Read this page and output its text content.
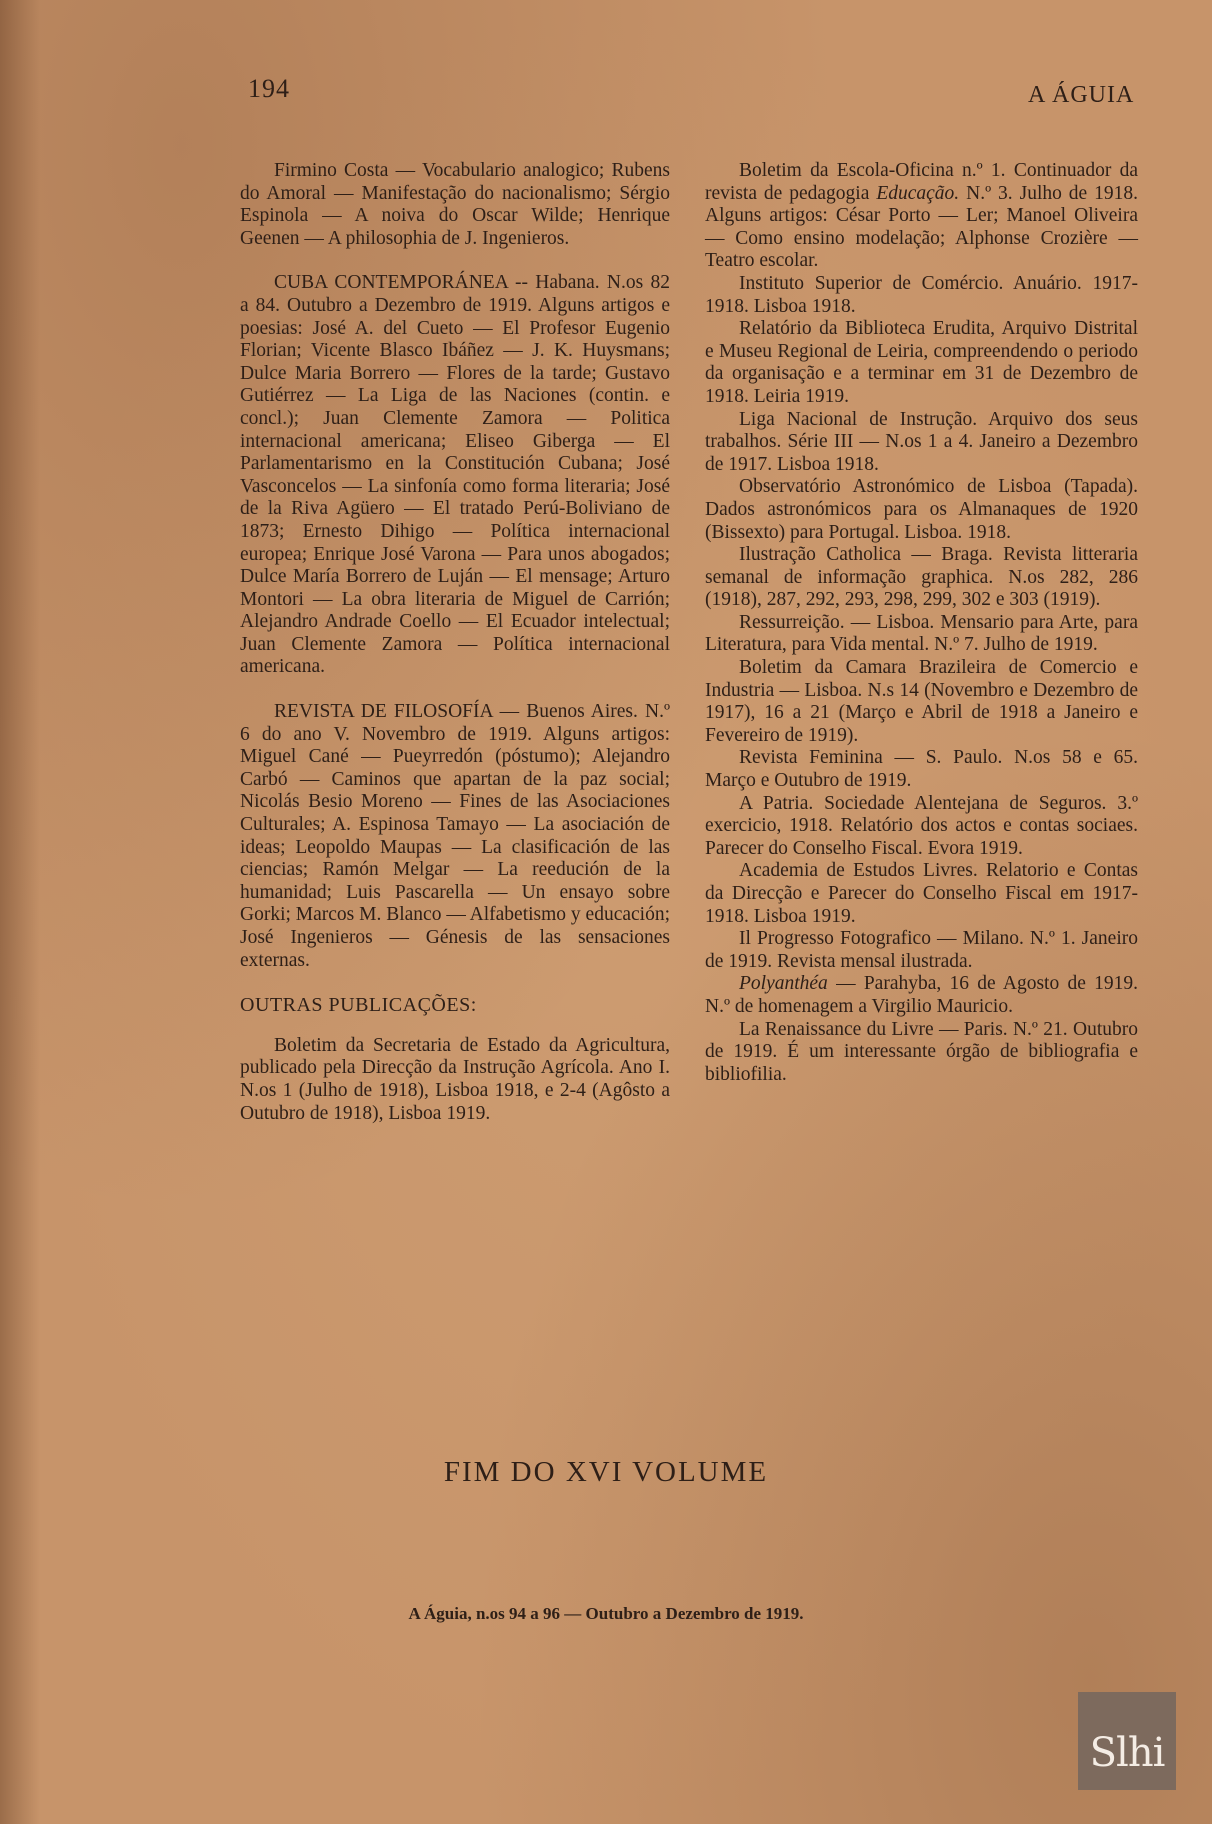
194	A ÁGUIA

Firmino Costa — Vocabulario analogico; Rubens do Amoral — Manifestação do nacionalismo; Sérgio Espinola — A noiva do Oscar Wilde; Henrique Geenen — A philosophia de J. Ingenieros.

CUBA CONTEMPORÁNEA -- Habana. N.os 82 a 84. Outubro a Dezembro de 1919. Alguns artigos e poesias: José A. del Cueto — El Profesor Eugenio Florian; Vicente Blasco Ibáñez — J. K. Huysmans; Dulce Maria Borrero — Flores de la tarde; Gustavo Gutiérrez — La Liga de las Naciones (contin. e concl.); Juan Clemente Zamora — Politica internacional americana; Eliseo Giberga — El Parlamentarismo en la Constitución Cubana; José Vasconcelos — La sinfonía como forma literaria; José de la Riva Agüero — El tratado Perú-Boliviano de 1873; Ernesto Dihigo — Política internacional europea; Enrique José Varona — Para unos abogados; Dulce María Borrero de Luján — El mensage; Arturo Montori — La obra literaria de Miguel de Carrión; Alejandro Andrade Coello — El Ecuador intelectual; Juan Clemente Zamora — Política internacional americana.

REVISTA DE FILOSOFÍA — Buenos Aires. N.º 6 do ano V. Novembro de 1919. Alguns artigos: Miguel Cané — Pueyrredón (póstumo); Alejandro Carbó — Caminos que apartan de la paz social; Nicolás Besio Moreno — Fines de las Asociaciones Culturales; A. Espinosa Tamayo — La asociación de ideas; Leopoldo Maupas — La clasificación de las ciencias; Ramón Melgar — La reedución de la humanidad; Luis Pascarella — Un ensayo sobre Gorki; Marcos M. Blanco — Alfabetismo y educación; José Ingenieros — Génesis de las sensaciones externas.

OUTRAS PUBLICAÇÕES:

Boletim da Secretaria de Estado da Agricultura, publicado pela Direcção da Instrução Agrícola. Ano I. N.os 1 (Julho de 1918), Lisboa 1918, e 2-4 (Agôsto a Outubro de 1918), Lisboa 1919.

Boletim da Escola-Oficina n.º 1. Continuador da revista de pedagogia Educação. N.º 3. Julho de 1918. Alguns artigos: César Porto — Ler; Manoel Oliveira — Como ensino modelação; Alphonse Crozière — Teatro escolar.

Instituto Superior de Comércio. Anuário. 1917-1918. Lisboa 1918.

Relatório da Biblioteca Erudita, Arquivo Distrital e Museu Regional de Leiria, compreendendo o periodo da organisação e a terminar em 31 de Dezembro de 1918. Leiria 1919.

Liga Nacional de Instrução. Arquivo dos seus trabalhos. Série III — N.os 1 a 4. Janeiro a Dezembro de 1917. Lisboa 1918.

Observatório Astronómico de Lisboa (Tapada). Dados astronómicos para os Almanaques de 1920 (Bissexto) para Portugal. Lisboa. 1918.

Ilustração Catholica — Braga. Revista litteraria semanal de informação graphica. N.os 282, 286 (1918), 287, 292, 293, 298, 299, 302 e 303 (1919).

Ressurreição. — Lisboa. Mensario para Arte, para Literatura, para Vida mental. N.º 7. Julho de 1919.

Boletim da Camara Brazileira de Comercio e Industria — Lisboa. N.s 14 (Novembro e Dezembro de 1917), 16 a 21 (Março e Abril de 1918 a Janeiro e Fevereiro de 1919).

Revista Feminina — S. Paulo. N.os 58 e 65. Março e Outubro de 1919.

A Patria. Sociedade Alentejana de Seguros. 3.º exercicio, 1918. Relatório dos actos e contas sociaes. Parecer do Conselho Fiscal. Evora 1919.

Academia de Estudos Livres. Relatorio e Contas da Direcção e Parecer do Conselho Fiscal em 1917-1918. Lisboa 1919.

Il Progresso Fotografico — Milano. N.º 1. Janeiro de 1919. Revista mensal ilustrada.

Polyanthéa — Parahyba, 16 de Agosto de 1919. N.º de homenagem a Virgilio Mauricio.

La Renaissance du Livre — Paris. N.º 21. Outubro de 1919. É um interessante órgão de bibliografia e bibliofilia.

FIM DO XVI VOLUME
A Águia, n.os 94 a 96 — Outubro a Dezembro de 1919.
Slhi
